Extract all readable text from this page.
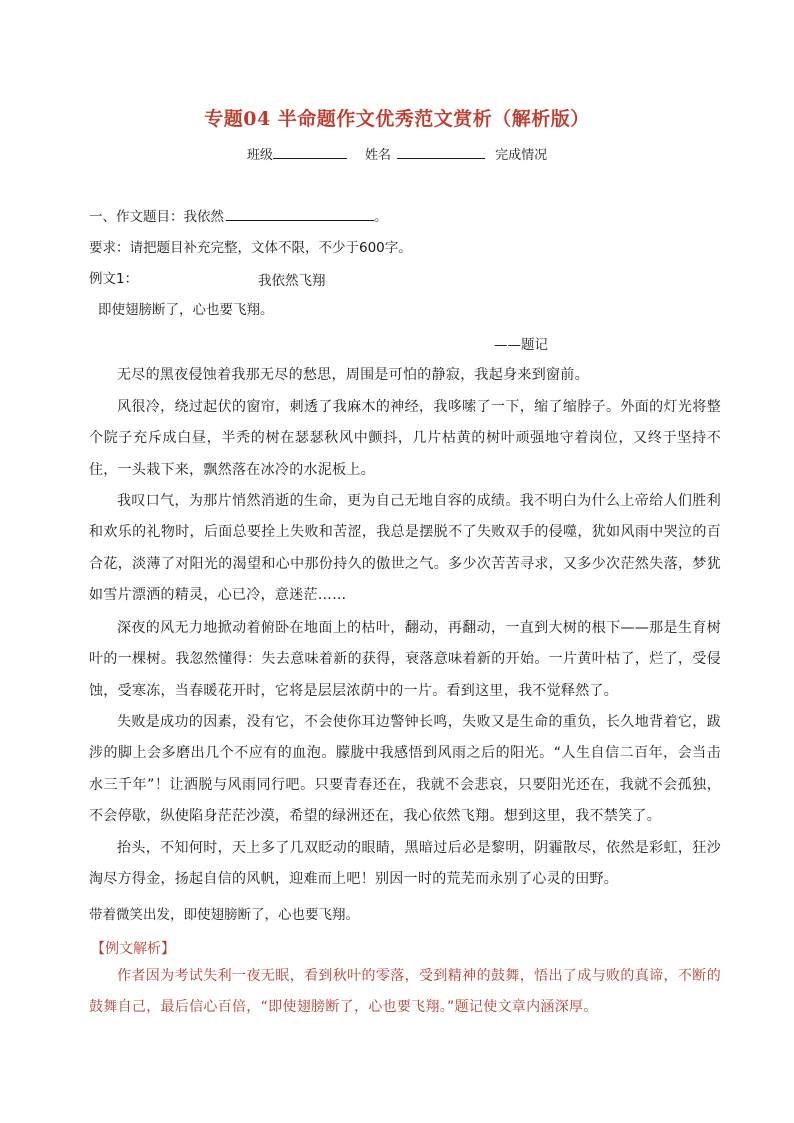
专题04 半命题作文优秀范文赏析（解析版）
班级	姓名	完成情况
一、作文题目：我依然	。
要求：请把题目补充完整，文体不限，不少于600字。
例文1：	我依然飞翔
即使翅膀断了，心也要飞翔。
——题记
无尽的黑夜侵蚀着我那无尽的愁思，周围是可怕的静寂，我起身来到窗前。
风很冷，绕过起伏的窗帘，刺透了我麻木的神经，我哆嗦了一下，缩了缩脖子。外面的灯光将整个院子充斥成白昼，半秃的树在瑟瑟秋风中颤抖，几片枯黄的树叶顽强地守着岗位，又终于坚持不住，一头栽下来，飘然落在冰冷的水泥板上。
我叹口气，为那片悄然消逝的生命，更为自己无地自容的成绩。我不明白为什么上帝给人们胜利和欢乐的礼物时，后面总要拴上失败和苦涩，我总是摆脱不了失败双手的侵噬，犹如风雨中哭泣的百合花，淡薄了对阳光的渴望和心中那份持久的傲世之气。多少次苦苦寻求，又多少次茫然失落，梦犹如雪片漂洒的精灵，心已冷，意迷茫……
深夜的风无力地掀动着俯卧在地面上的枯叶，翻动，再翻动，一直到大树的根下——那是生育树叶的一棵树。我忽然懂得：失去意味着新的获得，衰落意味着新的开始。一片黄叶枯了，烂了，受侵蚀，受寒冻，当春暖花开时，它将是层层浓荫中的一片。看到这里，我不觉释然了。
失败是成功的因素，没有它，不会使你耳边警钟长鸣，失败又是生命的重负，长久地背着它，跋涉的脚上会多磨出几个不应有的血泡。朦胧中我感悟到风雨之后的阳光。“人生自信二百年，会当击水三千年”！让洒脱与风雨同行吧。只要青春还在，我就不会悲哀，只要阳光还在，我就不会孤独，不会停歇，纵使陷身茫茫沙漠，希望的绿洲还在，我心依然飞翔。想到这里，我不禁笑了。
抬头，不知何时，天上多了几双眨动的眼睛，黑暗过后必是黎明，阴霾散尽，依然是彩虹，狂沙淘尽方得金，扬起自信的风帆，迎难而上吧！别因一时的荒芜而永别了心灵的田野。
带着微笑出发，即使翅膀断了，心也要飞翔。
【例文解析】
作者因为考试失利一夜无眠，看到秋叶的零落，受到精神的鼓舞，悟出了成与败的真谛，不断的鼓舞自己，最后信心百倍，“即使翅膀断了，心也要飞翔。”题记使文章内涵深厚。
